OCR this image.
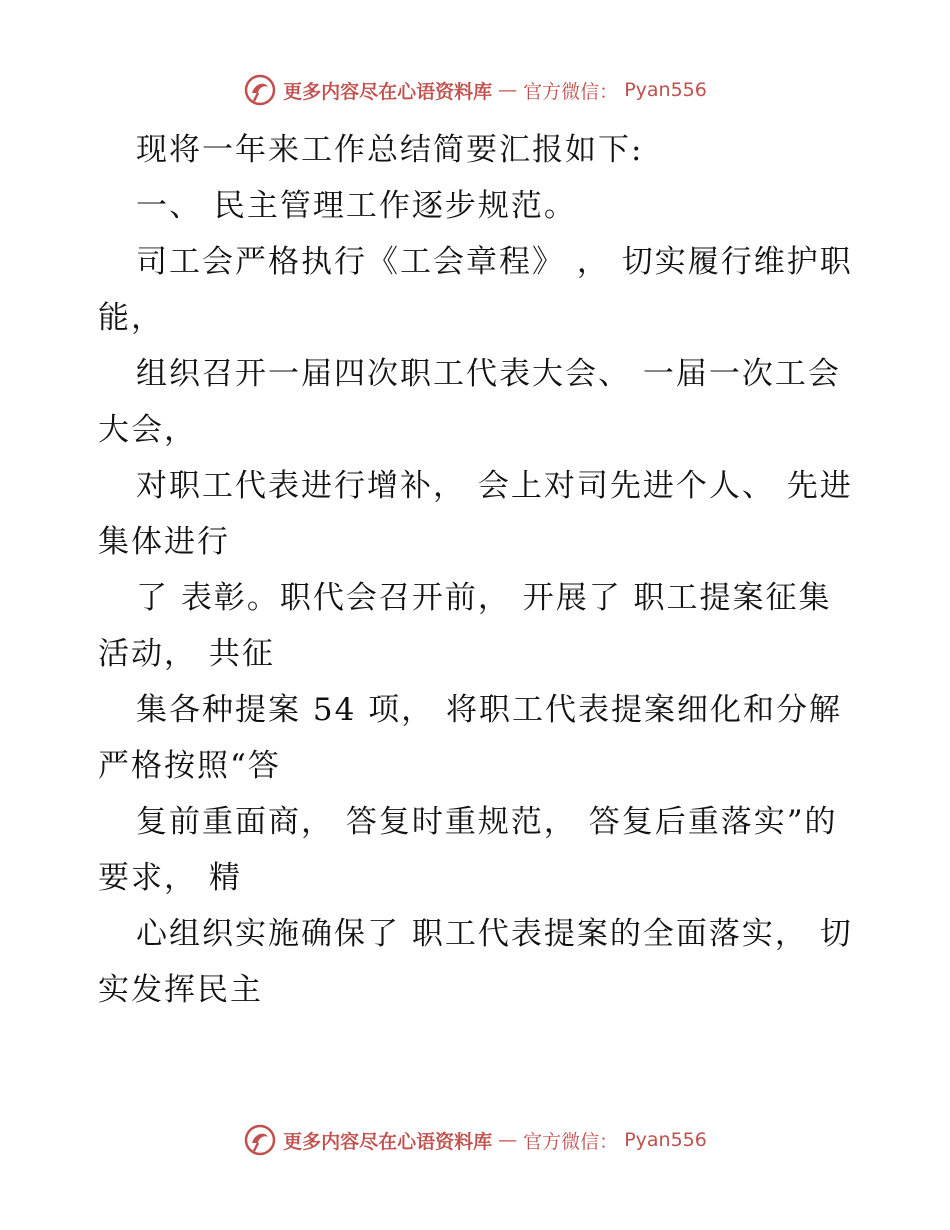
更多内容尽在心语资料库 — 官方微信： Pyan556

现将一年来工作总结简要汇报如下:

一、 民主管理工作逐步规范。

司工会严格执行《工会章程》 ， 切实履行维护职能，

组织召开一届四次职工代表大会、 一届一次工会大会，

对职工代表进行增补， 会上对司先进个人、 先进集体进行

了 表彰。职代会召开前， 开展了 职工提案征集活动， 共征

集各种提案 54 项， 将职工代表提案细化和分解严格按照“答

复前重面商， 答复时重规范， 答复后重落实”的要求， 精

心组织实施确保了 职工代表提案的全面落实， 切实发挥民主

更多内容尽在心语资料库 — 官方微信： Pyan556
